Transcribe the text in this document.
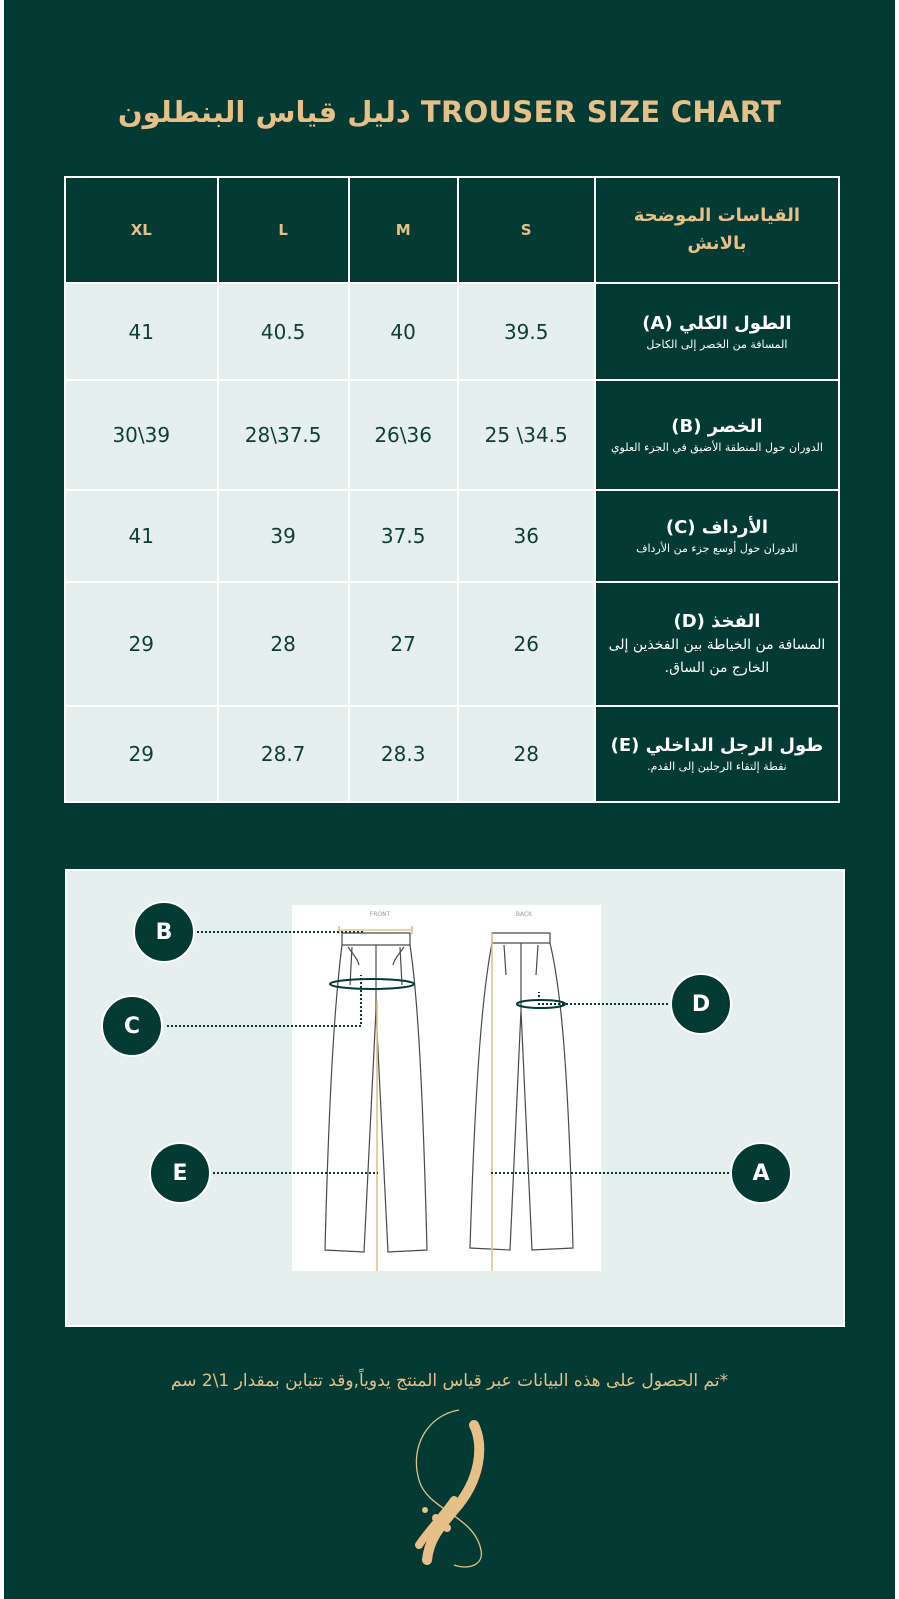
دليل قياس البنطلون TROUSER SIZE CHART
XL	L	M	S	القياسات الموضحة بالانش

41	40.5	40	39.5	الطول الكلي (A)
المسافة من الخصر إلى الكاحل

30\39	28\37.5	26\36	25 \34.5	الخصر (B)
الدوران حول المنطقة الأضيق في الجزء العلوي

41	39	37.5	36	الأرداف (C)
الدوران حول أوسع جزء من الأرداف

29	28	27	26	الفخذ (D)
المسافة من الخياطة بين الفخذين إلى الخارج من الساق.

29	28.7	28.3	28	طول الرجل الداخلي (E)
نقطة إلتقاء الرجلين إلى القدم.
FRONT	BACK
B
C
E
D
A
*تم الحصول على هذه البيانات عبر قياس المنتج يدوياً,وقد تتباين بمقدار 1\2 سم
